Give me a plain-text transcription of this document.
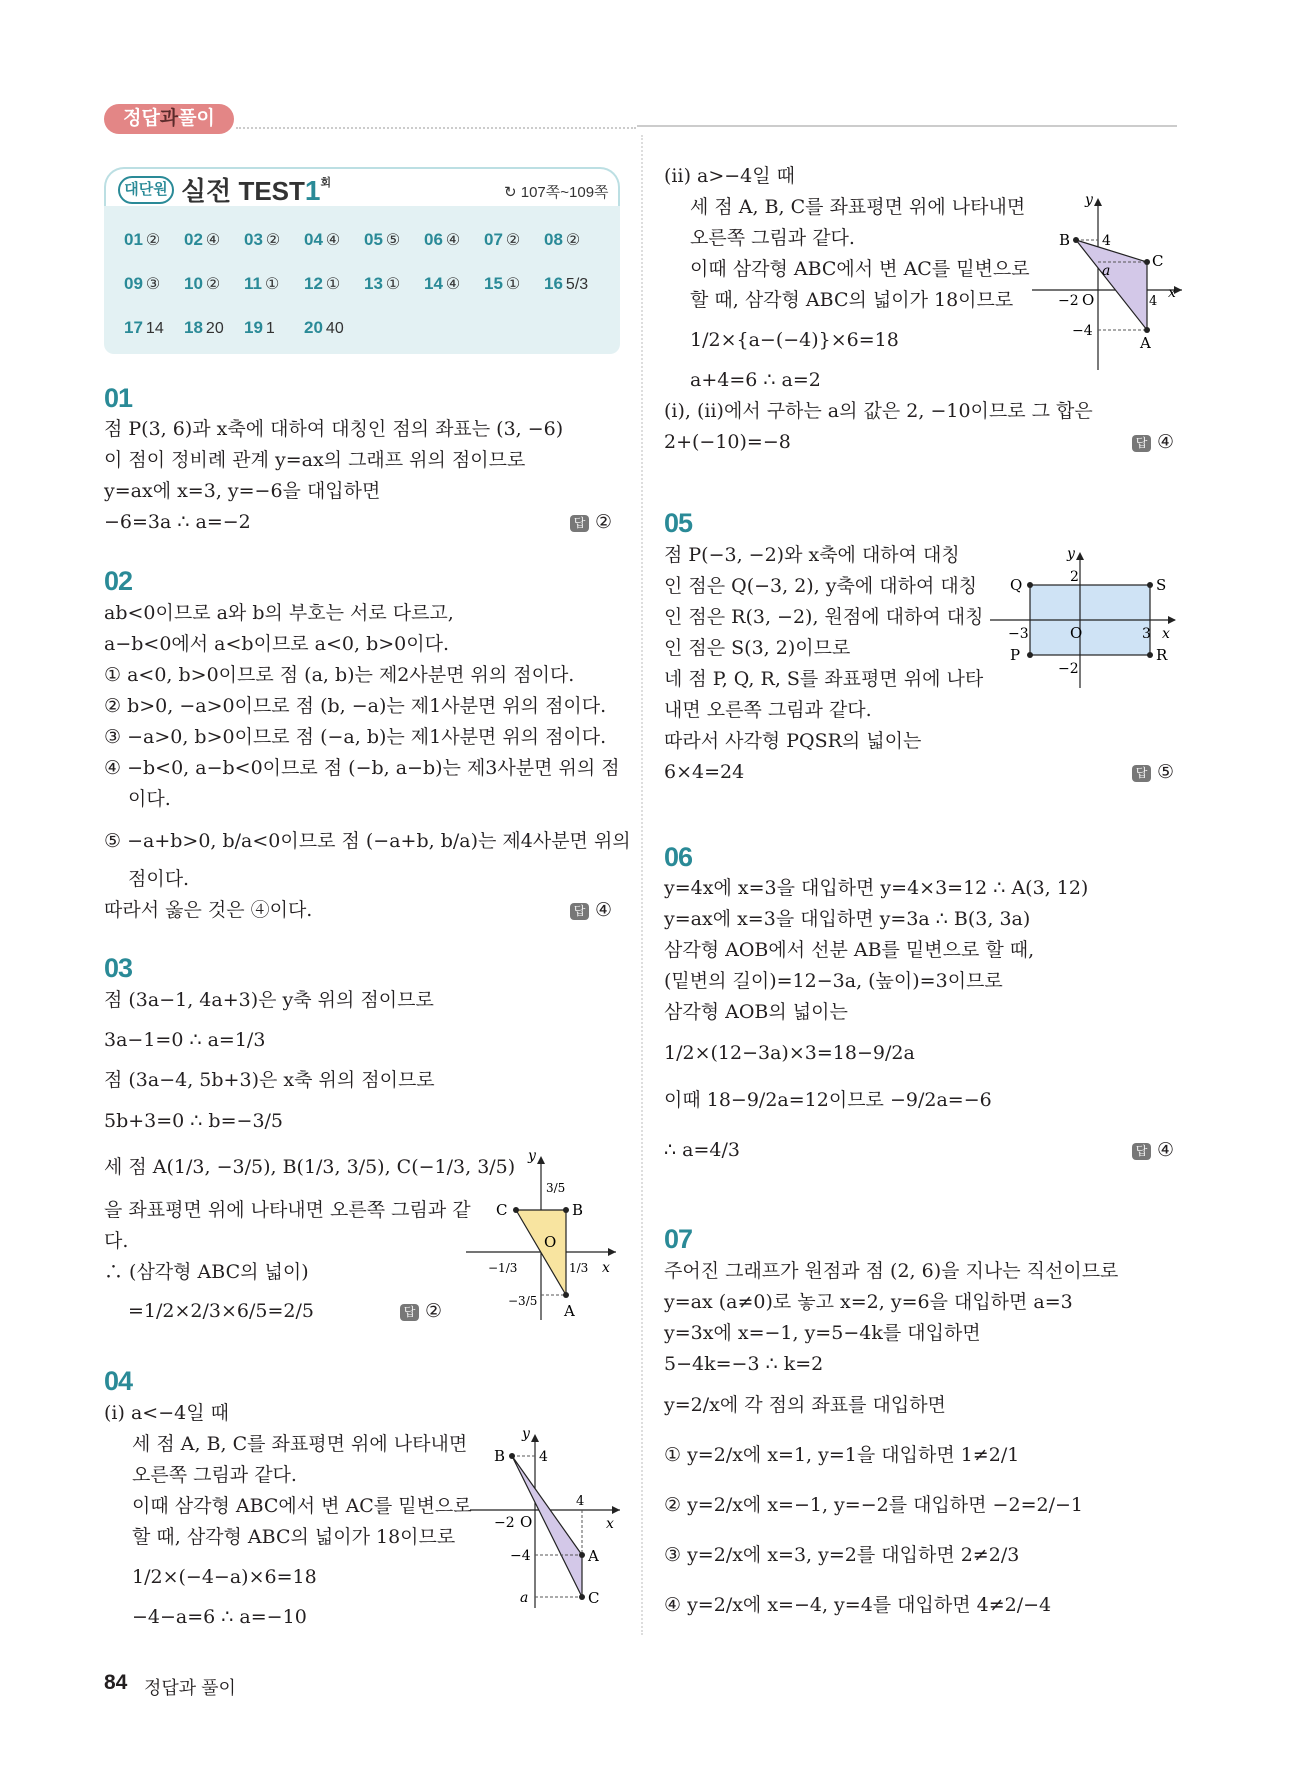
정답과풀이
대단원 실전 $TEST1^회$
↻ 107쪽~109쪽
01 ② 02 ④ 03 ② 04 ④ 05 ⑤ 06 ④ 07 ② 08 ②
09 ③ 10 ② 11 ① 12 ① 13 ① 14 ④ 15 ① 16 5/3
17 14 18 20 19 1 20 40
01
점 P(3, 6)과 x축에 대하여 대칭인 점의 좌표는 (3, −6)
이 점이 정비례 관계 y=ax의 그래프 위의 점이므로
y=ax에 x=3, y=−6을 대입하면
−6=3a ∴ a=−2	답 ②
02
ab<0이므로 a와 b의 부호는 서로 다르고,
a−b<0에서 a<b이므로 a<0, b>0이다.
① a<0, b>0이므로 점 (a, b)는 제2사분면 위의 점이다.
② b>0, −a>0이므로 점 (b, −a)는 제1사분면 위의 점이다.
③ −a>0, b>0이므로 점 (−a, b)는 제1사분면 위의 점이다.
④ −b<0, a−b<0이므로 점 (−b, a−b)는 제3사분면 위의 점
이다.
⑤ −a+b>0, b/a<0이므로 점 (−a+b, b/a)는 제4사분면 위의
점이다.
따라서 옳은 것은 ④이다.	답 ④
03
점 (3a−1, 4a+3)은 y축 위의 점이므로
3a−1=0 ∴ a=1/3
점 (3a−4, 5b+3)은 x축 위의 점이므로
5b+3=0 ∴ b=−3/5
세 점 A(1/3, −3/5), B(1/3, 3/5), C(−1/3, 3/5)
을 좌표평면 위에 나타내면 오른쪽 그림과 같
다.
∴ (삼각형 ABC의 넓이)
=1/2×2/3×6/5=2/5	답 ②
y
x
O
C	B
A
3/5
1/3
−1/3
−3/5
04
(ⅰ) a<−4일 때
세 점 A, B, C를 좌표평면 위에 나타내면
오른쪽 그림과 같다.
이때 삼각형 ABC에서 변 AC를 밑변으로
할 때, 삼각형 ABC의 넓이가 18이므로
1/2×(−4−a)×6=18
−4−a=6 ∴ a=−10
y
x
O
B
A
C
4
−2
−4
a
4
(ⅱ) a>−4일 때
세 점 A, B, C를 좌표평면 위에 나타내면
오른쪽 그림과 같다.
이때 삼각형 ABC에서 변 AC를 밑변으로
할 때, 삼각형 ABC의 넓이가 18이므로
1/2×{a−(−4)}×6=18
a+4=6 ∴ a=2
(ⅰ), (ⅱ)에서 구하는 a의 값은 2, −10이므로 그 합은
2+(−10)=−8	답 ④
y
x
O
B
C
A
4
−2
−4
a
4
05
점 P(−3, −2)와 x축에 대하여 대칭
인 점은 Q(−3, 2), y축에 대하여 대칭
인 점은 R(3, −2), 원점에 대하여 대칭
인 점은 S(3, 2)이므로
네 점 P, Q, R, S를 좌표평면 위에 나타
내면 오른쪽 그림과 같다.
따라서 사각형 PQSR의 넓이는
6×4=24	답 ⑤
y
x
O
Q	S
P	R
2
−2
3
−3
06
y=4x에 x=3을 대입하면 y=4×3=12 ∴ A(3, 12)
y=ax에 x=3을 대입하면 y=3a ∴ B(3, 3a)
삼각형 AOB에서 선분 AB를 밑변으로 할 때,
(밑변의 길이)=12−3a, (높이)=3이므로
삼각형 AOB의 넓이는
1/2×(12−3a)×3=18−9/2a
이때 18−9/2a=12이므로 −9/2a=−6
∴ a=4/3	답 ④
07
주어진 그래프가 원점과 점 (2, 6)을 지나는 직선이므로
y=ax (a≠0)로 놓고 x=2, y=6을 대입하면 a=3
y=3x에 x=−1, y=5−4k를 대입하면
5−4k=−3 ∴ k=2
y=2/x에 각 점의 좌표를 대입하면
① y=2/x에 x=1, y=1을 대입하면 1≠2/1
② y=2/x에 x=−1, y=−2를 대입하면 −2=2/−1
③ y=2/x에 x=3, y=2를 대입하면 2≠2/3
④ y=2/x에 x=−4, y=4를 대입하면 4≠2/−4
84 정답과 풀이
